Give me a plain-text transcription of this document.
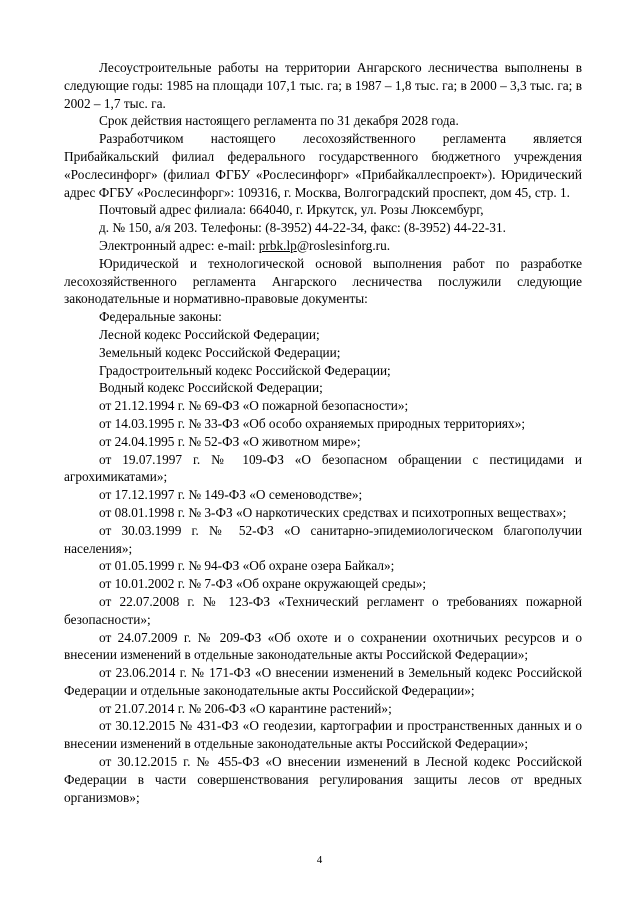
Лесоустроительные работы на территории Ангарского лесничества выполнены в следующие годы: 1985 на площади 107,1 тыс. га; в 1987 – 1,8 тыс. га; в 2000 – 3,3 тыс. га; в 2002 – 1,7 тыс. га.

Срок действия настоящего регламента по 31 декабря 2028 года.

Разработчиком настоящего лесохозяйственного регламента является Прибайкальский филиал федерального государственного бюджетного учреждения «Рослесинфорг» (филиал ФГБУ «Рослесинфорг» «Прибайкаллеспроект»). Юридический адрес ФГБУ «Рослесинфорг»: 109316, г. Москва, Волгоградский проспект, дом 45, стр. 1.

Почтовый адрес филиала: 664040, г. Иркутск, ул. Розы Люксембург,

д. № 150, а/я 203. Телефоны: (8-3952) 44-22-34, факс: (8-3952) 44-22-31.

Электронный адрес: e-mail: prbk.lp@roslesinforg.ru.

Юридической и технологической основой выполнения работ по разработке лесохозяйственного регламента Ангарского лесничества послужили следующие законодательные и нормативно-правовые документы:

Федеральные законы:

Лесной кодекс Российской Федерации;

Земельный кодекс Российской Федерации;

Градостроительный кодекс Российской Федерации;

Водный кодекс Российской Федерации;

от 21.12.1994 г. № 69-ФЗ «О пожарной безопасности»;

от 14.03.1995 г. № 33-ФЗ «Об особо охраняемых природных территориях»;

от 24.04.1995 г. № 52-ФЗ «О животном мире»;

от 19.07.1997 г. № 109-ФЗ «О безопасном обращении с пестицидами и агрохимикатами»;

от 17.12.1997 г. № 149-ФЗ «О семеноводстве»;

от 08.01.1998 г. № 3-ФЗ «О наркотических средствах и психотропных веществах»;

от 30.03.1999 г. № 52-ФЗ «О санитарно-эпидемиологическом благополучии населения»;

от 01.05.1999 г. № 94-ФЗ «Об охране озера Байкал»;

от 10.01.2002 г. № 7-ФЗ «Об охране окружающей среды»;

от 22.07.2008 г. № 123-ФЗ «Технический регламент о требованиях пожарной безопасности»;

от 24.07.2009 г. № 209-ФЗ «Об охоте и о сохранении охотничьих ресурсов и о внесении изменений в отдельные законодательные акты Российской Федерации»;

от 23.06.2014 г. № 171-ФЗ «О внесении изменений в Земельный кодекс Российской Федерации и отдельные законодательные акты Российской Федерации»;

от 21.07.2014 г. № 206-ФЗ «О карантине растений»;

от 30.12.2015 № 431-ФЗ «О геодезии, картографии и пространственных данных и о внесении изменений в отдельные законодательные акты Российской Федерации»;

от 30.12.2015 г. № 455-ФЗ «О внесении изменений в Лесной кодекс Российской Федерации в части совершенствования регулирования защиты лесов от вредных организмов»;

4
